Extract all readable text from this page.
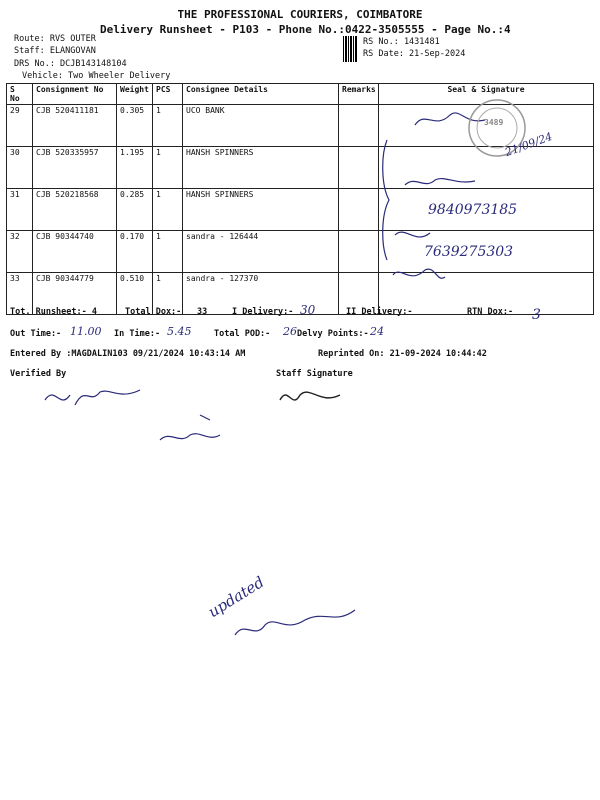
THE PROFESSIONAL COURIERS, COIMBATORE
Delivery Runsheet - P103 - Phone No.:0422-3505555 - Page No.:4
Route: RVS OUTER
Staff: ELANGOVAN
DRS No.: DCJB143148104
Vehicle: Two Wheeler Delivery
RS No.: 1431481
RS Date: 21-Sep-2024
S No	Consignment No	Weight	PCS	Consignee Details	Remarks	Seal & Signature
29	CJB 520411181	0.305	1	UCO BANK		
30	CJB 520335957	1.195	1	HANSH SPINNERS		
31	CJB 520218568	0.285	1	HANSH SPINNERS		
32	CJB 90344740	0.170	1	sandra - 126444		
33	CJB 90344779	0.510	1	sandra - 127370		
3489
21/09/24
9840973185
7639275303
Tot. Runsheet:- 4	Total Dox:- 33	I Delivery:- 30	II Delivery:-	RTN Dox:- 3
Out Time:- 11.00 In Time:- 5.45	Total POD:- 26 Delvy Points:- 24
Entered By :MAGDALIN103 09/21/2024 10:43:14 AM	Reprinted On: 21-09-2024 10:44:42
Verified By	Staff Signature
updated
